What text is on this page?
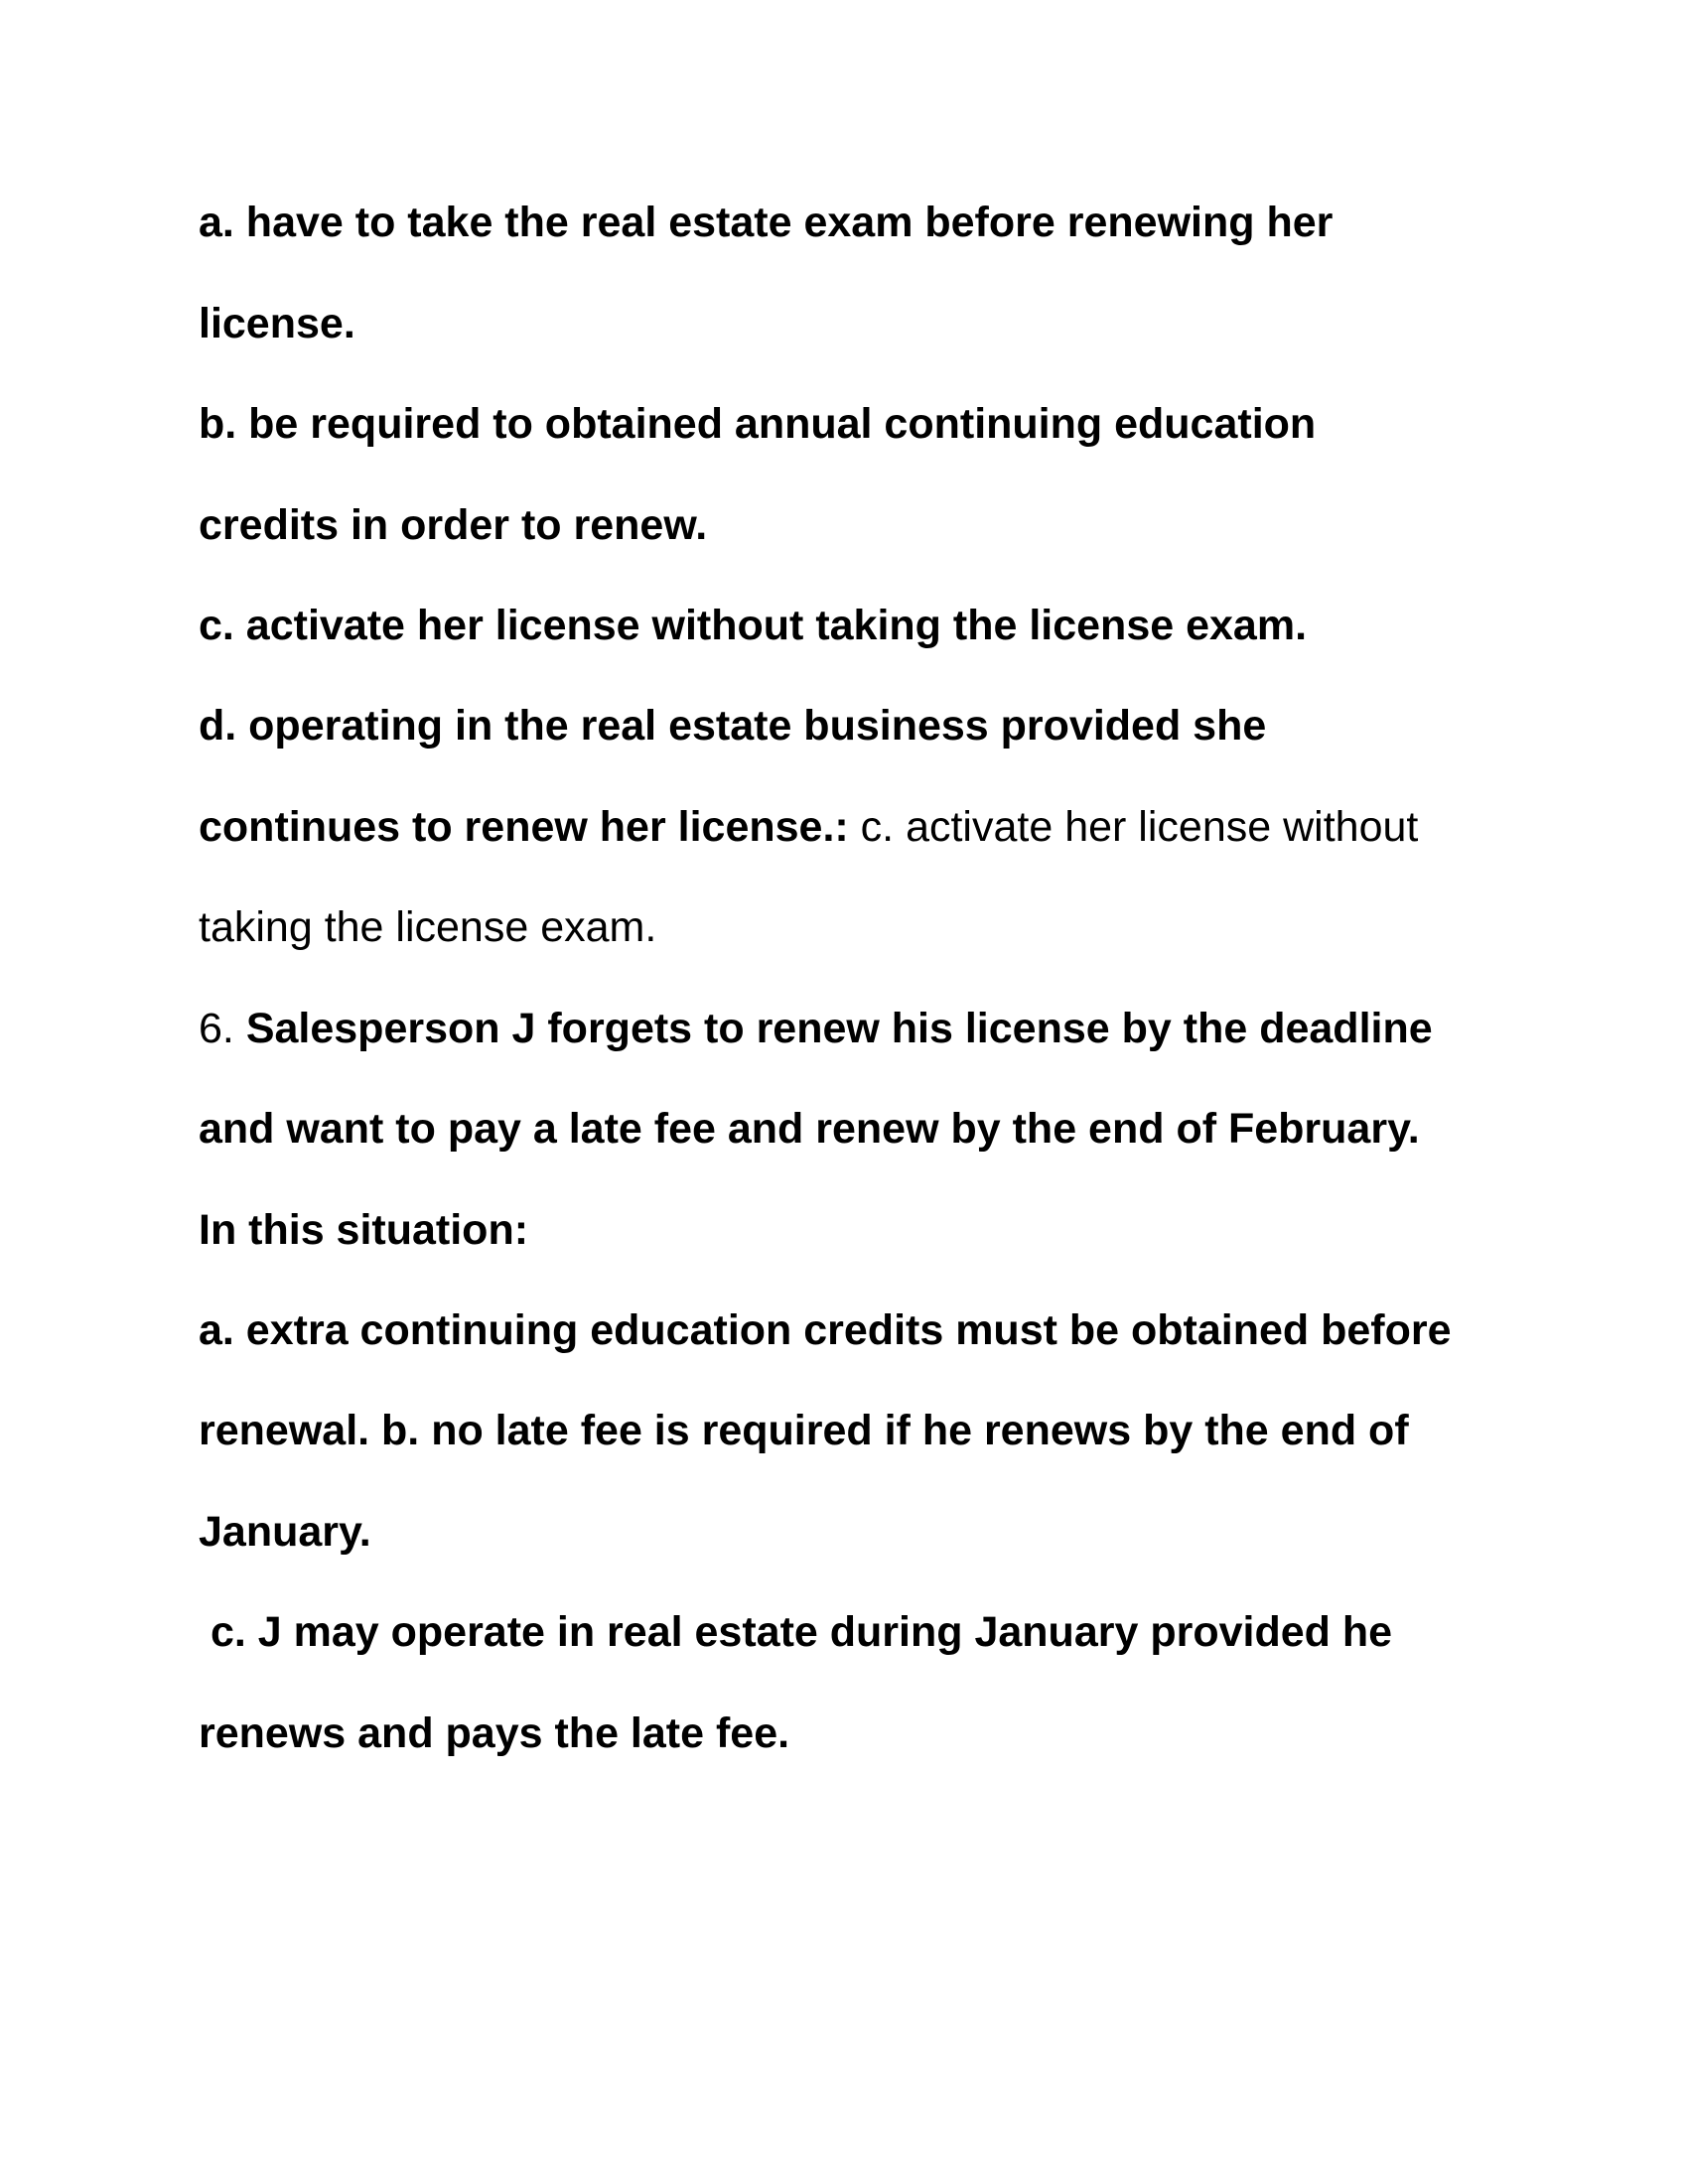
a. have to take the real estate exam before renewing her
license.
b. be required to obtained annual continuing education
credits in order to renew.
c. activate her license without taking the license exam.
d. operating in the real estate business provided she
continues to renew her license.: c. activate her license without
taking the license exam.
6. Salesperson J forgets to renew his license by the deadline
and want to pay a late fee and renew by the end of February.
In this situation:
a. extra continuing education credits must be obtained before
renewal. b. no late fee is required if he renews by the end of
January.
c. J may operate in real estate during January provided he
renews and pays the late fee.
